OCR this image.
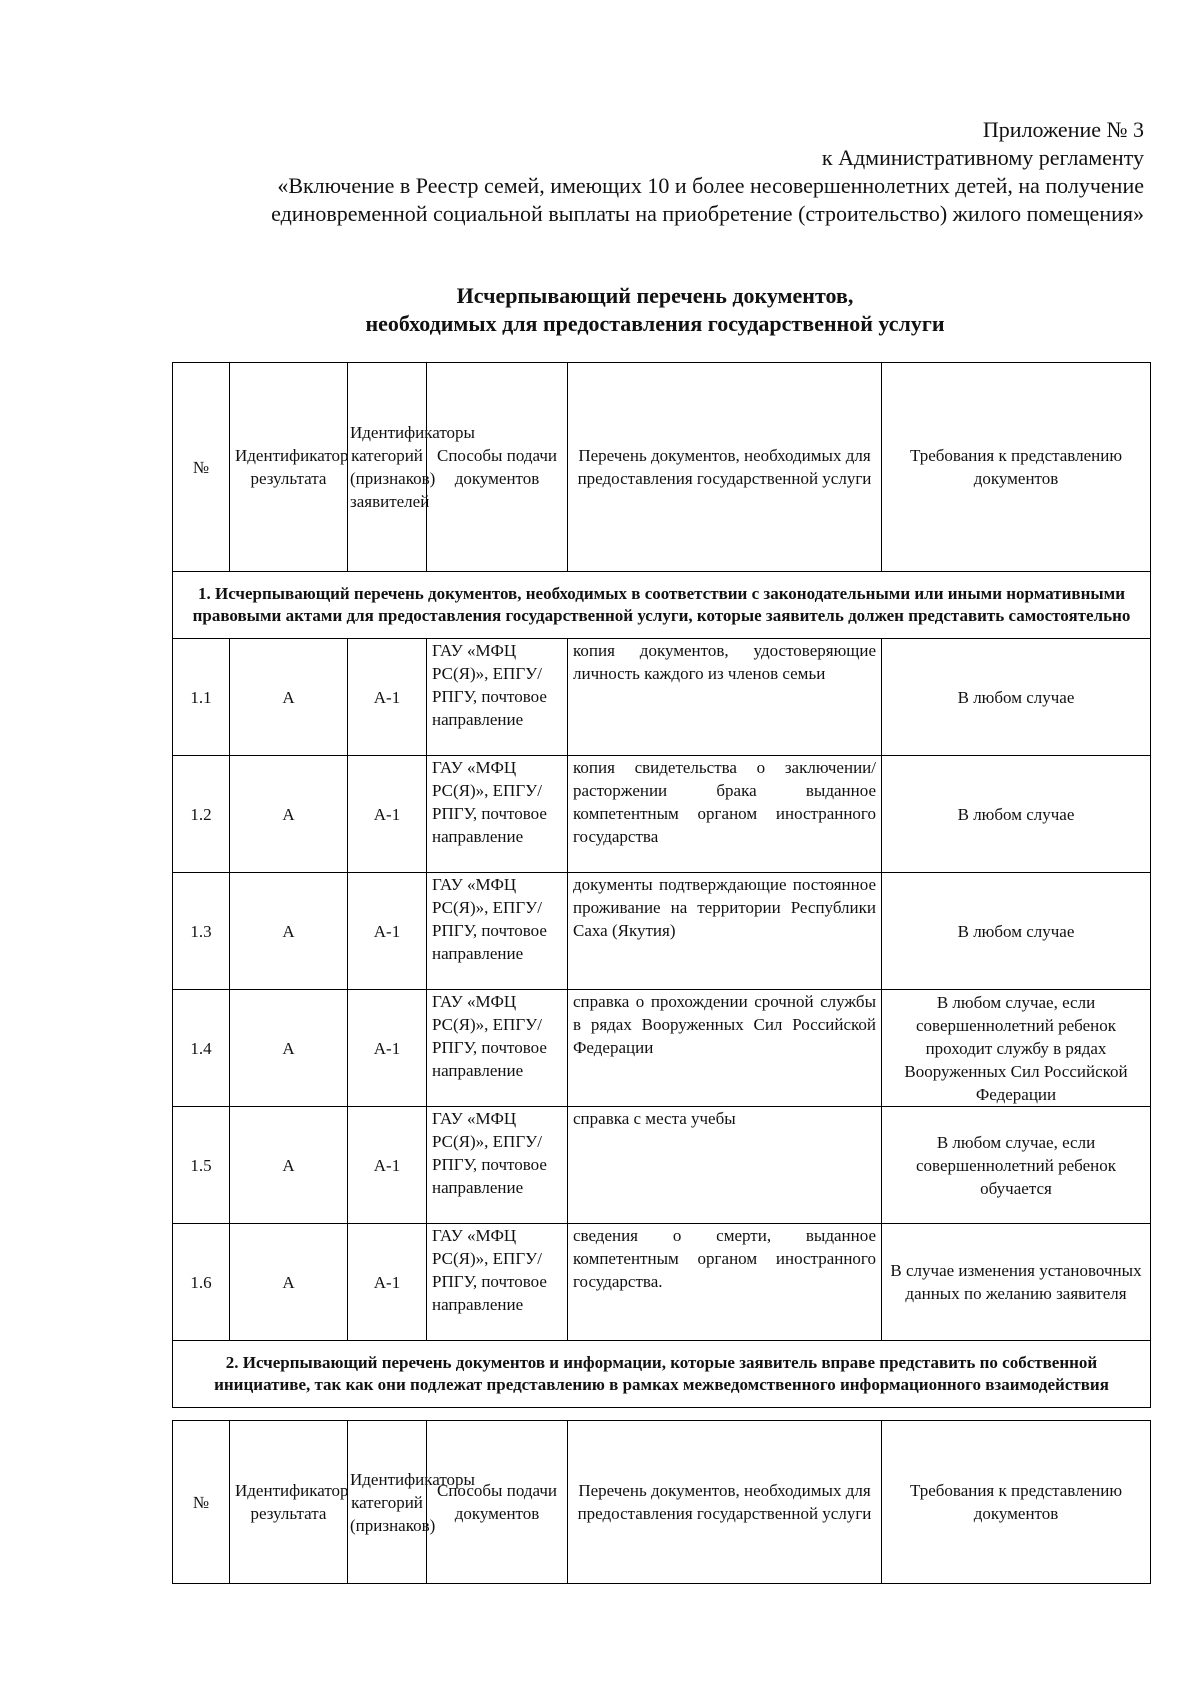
Приложение № 3
к Административному регламенту
«Включение в Реестр семей, имеющих 10 и более несовершеннолетних детей, на получение
единовременной социальной выплаты на приобретение (строительство) жилого помещения»
Исчерпывающий перечень документов,
необходимых для предоставления государственной услуги
№	Идентификатор результата	Идентификаторы категорий (признаков) заявителей	Способы подачи документов	Перечень документов, необходимых для предоставления государственной услуги	Требования к представлению документов
1. Исчерпывающий перечень документов, необходимых в соответствии с законодательными или иными нормативными правовыми актами для предоставления государственной услуги, которые заявитель должен представить самостоятельно					
1.1	А	А-1	ГАУ «МФЦ РС(Я)», ЕПГУ/РПГУ, почтовое направление	копия документов, удостоверяющие личность каждого из членов семьи	В любом случае
1.2	А	А-1	ГАУ «МФЦ РС(Я)», ЕПГУ/РПГУ, почтовое направление	копия свидетельства о заключении/расторжении брака выданное компетентным органом иностранного государства	В любом случае
1.3	А	А-1	ГАУ «МФЦ РС(Я)», ЕПГУ/РПГУ, почтовое направление	документы подтверждающие постоянное проживание на территории Республики Саха (Якутия)	В любом случае
1.4	А	А-1	ГАУ «МФЦ РС(Я)», ЕПГУ/РПГУ, почтовое направление	справка о прохождении срочной службы в рядах Вооруженных Сил Российской Федерации	В любом случае, если совершеннолетний ребенок проходит службу в рядах Вооруженных Сил Российской Федерации
1.5	А	А-1	ГАУ «МФЦ РС(Я)», ЕПГУ/РПГУ, почтовое направление	справка с места учебы	В любом случае, если совершеннолетний ребенок обучается
1.6	А	А-1	ГАУ «МФЦ РС(Я)», ЕПГУ/РПГУ, почтовое направление	сведения о смерти, выданное компетентным органом иностранного государства.	В случае изменения установочных данных по желанию заявителя
2. Исчерпывающий перечень документов и информации, которые заявитель вправе представить по собственной инициативе, так как они подлежат представлению в рамках межведомственного информационного взаимодействия					
№	Идентификатор результата	Идентификаторы категорий (признаков)	Способы подачи документов	Перечень документов, необходимых для предоставления государственной услуги	Требования к представлению документов
